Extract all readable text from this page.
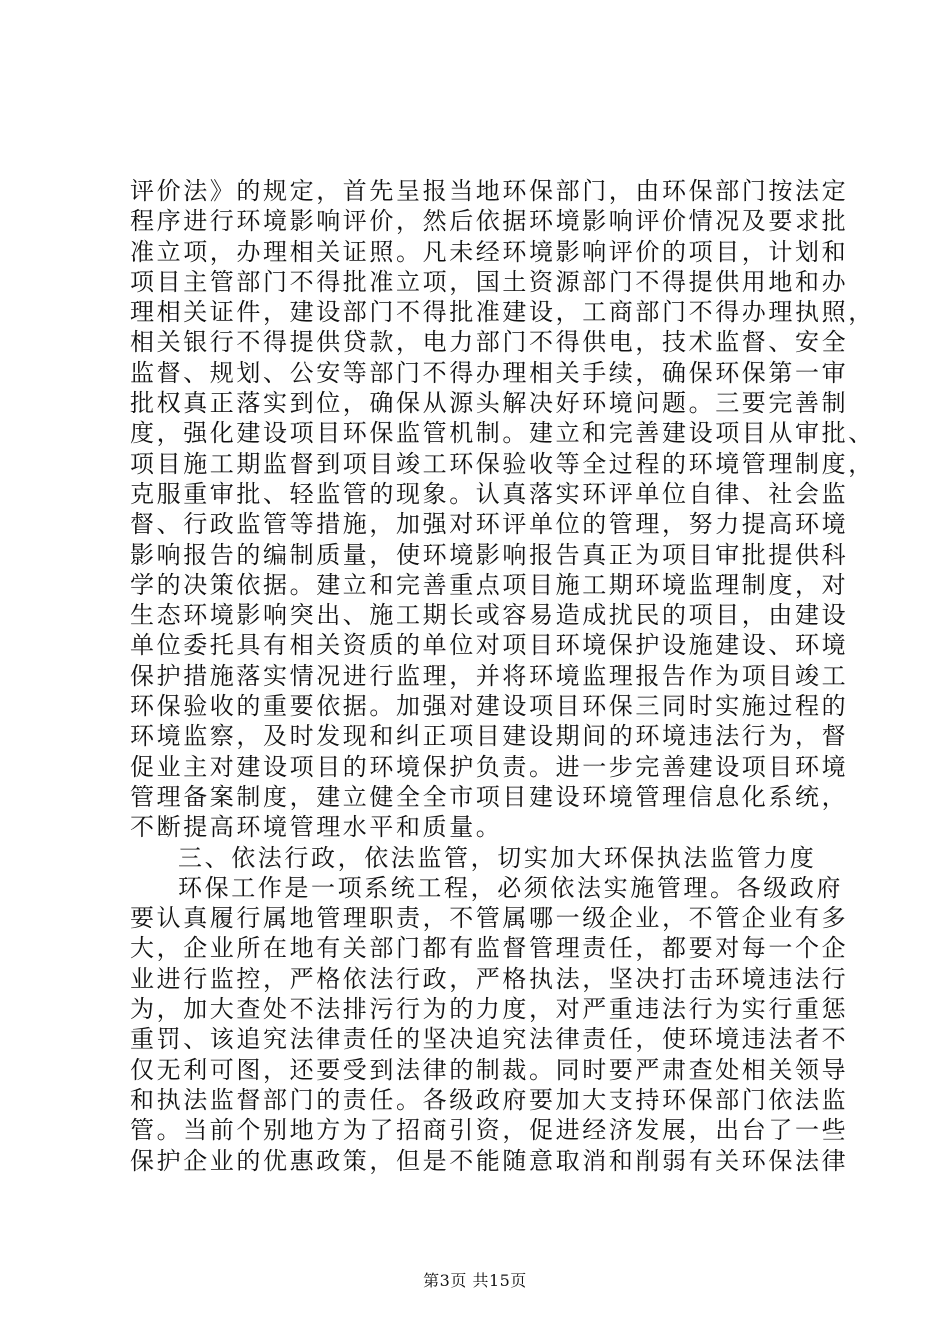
评价法》的规定，首先呈报当地环保部门，由环保部门按法定
程序进行环境影响评价，然后依据环境影响评价情况及要求批
准立项，办理相关证照。凡未经环境影响评价的项目，计划和
项目主管部门不得批准立项，国土资源部门不得提供用地和办
理相关证件，建设部门不得批准建设，工商部门不得办理执照，
相关银行不得提供贷款，电力部门不得供电，技术监督、安全
监督、规划、公安等部门不得办理相关手续，确保环保第一审
批权真正落实到位，确保从源头解决好环境问题。三要完善制
度，强化建设项目环保监管机制。建立和完善建设项目从审批、
项目施工期监督到项目竣工环保验收等全过程的环境管理制度，
克服重审批、轻监管的现象。认真落实环评单位自律、社会监
督、行政监管等措施，加强对环评单位的管理，努力提高环境
影响报告的编制质量，使环境影响报告真正为项目审批提供科
学的决策依据。建立和完善重点项目施工期环境监理制度，对
生态环境影响突出、施工期长或容易造成扰民的项目，由建设
单位委托具有相关资质的单位对项目环境保护设施建设、环境
保护措施落实情况进行监理，并将环境监理报告作为项目竣工
环保验收的重要依据。加强对建设项目环保三同时实施过程的
环境监察，及时发现和纠正项目建设期间的环境违法行为，督
促业主对建设项目的环境保护负责。进一步完善建设项目环境
管理备案制度，建立健全全市项目建设环境管理信息化系统，
不断提高环境管理水平和质量。
三、依法行政，依法监管，切实加大环保执法监管力度
环保工作是一项系统工程，必须依法实施管理。各级政府
要认真履行属地管理职责，不管属哪一级企业，不管企业有多
大，企业所在地有关部门都有监督管理责任，都要对每一个企
业进行监控，严格依法行政，严格执法，坚决打击环境违法行
为，加大查处不法排污行为的力度，对严重违法行为实行重惩
重罚、该追究法律责任的坚决追究法律责任，使环境违法者不
仅无利可图，还要受到法律的制裁。同时要严肃查处相关领导
和执法监督部门的责任。各级政府要加大支持环保部门依法监
管。当前个别地方为了招商引资，促进经济发展，出台了一些
保护企业的优惠政策，但是不能随意取消和削弱有关环保法律
第3页 共15页
